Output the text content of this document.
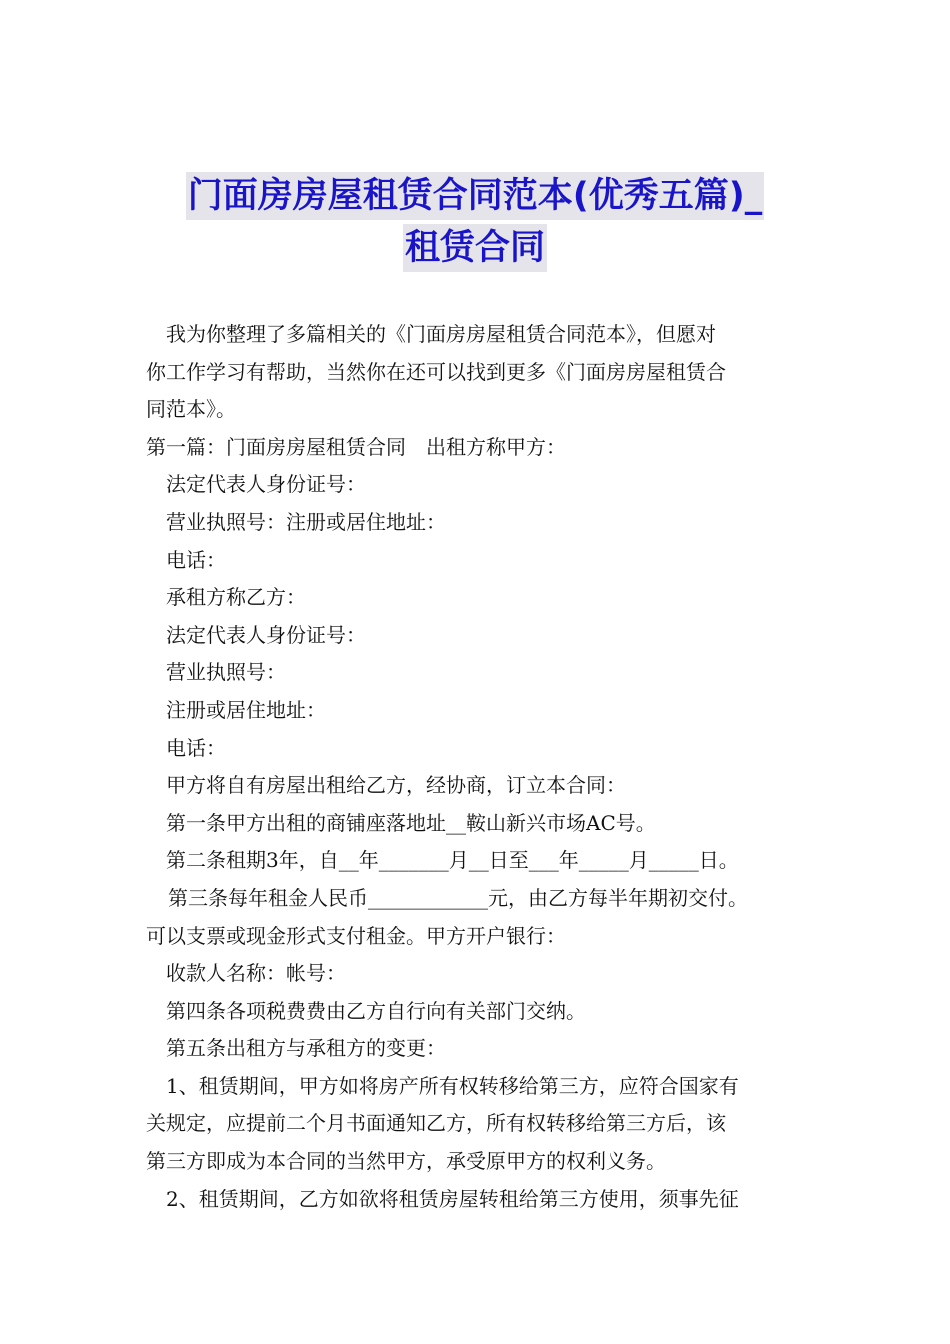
门面房房屋租赁合同范本(优秀五篇)_
租赁合同

我为你整理了多篇相关的《门面房房屋租赁合同范本》，但愿对

你工作学习有帮助，当然你在还可以找到更多《门面房房屋租赁合

同范本》。

第一篇：门面房房屋租赁合同　出租方称甲方：

法定代表人身份证号：

营业执照号：注册或居住地址：

电话：

承租方称乙方：

法定代表人身份证号：

营业执照号：

注册或居住地址：

电话：

甲方将自有房屋出租给乙方，经协商，订立本合同：

第一条甲方出租的商铺座落地址__鞍山新兴市场AC号。

第二条租期3年，自__年_______月__日至___年_____月_____日。

第三条每年租金人民币____________元，由乙方每半年期初交付。

可以支票或现金形式支付租金。甲方开户银行：

收款人名称：帐号：

第四条各项税费费由乙方自行向有关部门交纳。

第五条出租方与承租方的变更：

1、租赁期间，甲方如将房产所有权转移给第三方，应符合国家有

关规定，应提前二个月书面通知乙方，所有权转移给第三方后，该

第三方即成为本合同的当然甲方，承受原甲方的权利义务。

2、租赁期间，乙方如欲将租赁房屋转租给第三方使用，须事先征
